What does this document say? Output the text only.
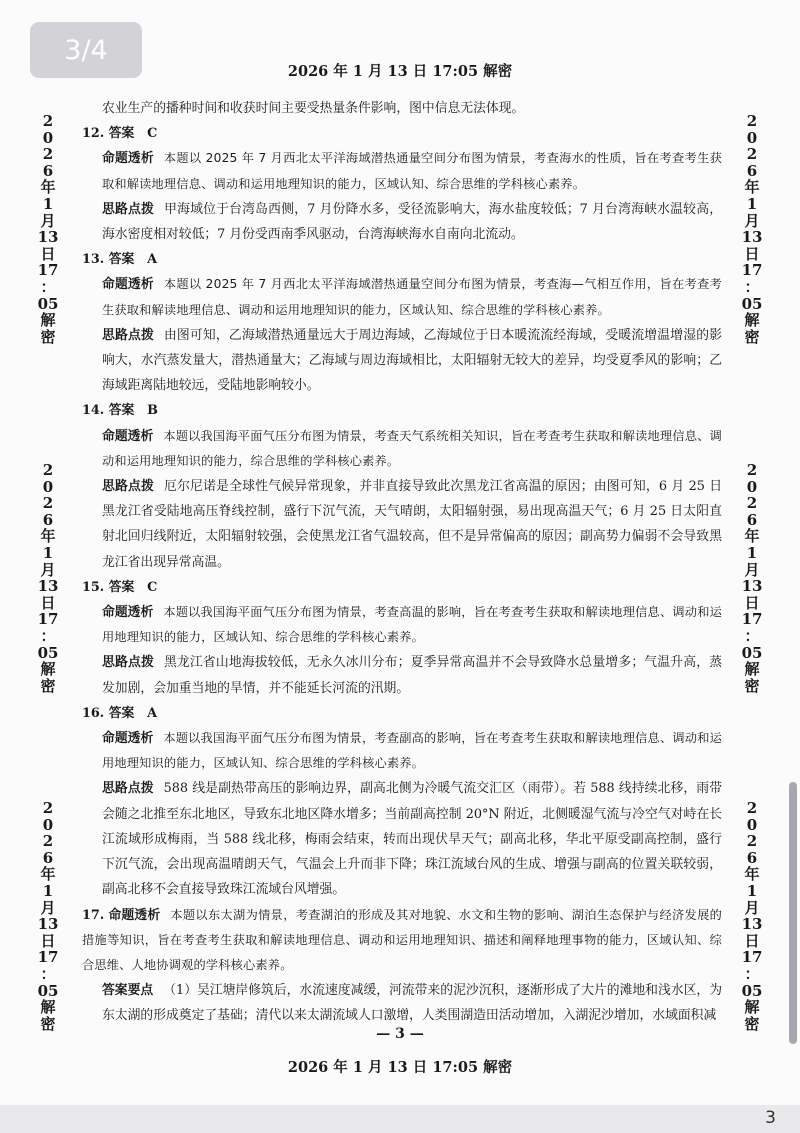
3/4
2026 年 1 月 13 日 17:05 解密
2
0
2
6
年
1
月
13
日
17
：
05
解
密
2
0
2
6
年
1
月
13
日
17
：
05
解
密
2
0
2
6
年
1
月
13
日
17
：
05
解
密
2
0
2
6
年
1
月
13
日
17
：
05
解
密
2
0
2
6
年
1
月
13
日
17
：
05
解
密
2
0
2
6
年
1
月
13
日
17
：
05
解
密

农业生产的播种时间和收获时间主要受热量条件影响，图中信息无法体现。

12. 答案　C

命题透析 本题以 2025 年 7 月西北太平洋海域潜热通量空间分布图为情景，考查海水的性质，旨在考查考生获取和解读地理信息、调动和运用地理知识的能力，区域认知、综合思维的学科核心素养。

思路点拨 甲海域位于台湾岛西侧，7 月份降水多，受径流影响大，海水盐度较低；7 月台湾海峡水温较高，海水密度相对较低；7 月份受西南季风驱动，台湾海峡海水自南向北流动。

13. 答案　A

命题透析 本题以 2025 年 7 月西北太平洋海域潜热通量空间分布图为情景，考查海—气相互作用，旨在考查考生获取和解读地理信息、调动和运用地理知识的能力，区域认知、综合思维的学科核心素养。

思路点拨 由图可知，乙海域潜热通量远大于周边海域，乙海域位于日本暖流流经海域，受暖流增温增湿的影响大，水汽蒸发量大，潜热通量大；乙海域与周边海域相比，太阳辐射无较大的差异，均受夏季风的影响；乙海域距离陆地较远，受陆地影响较小。

14. 答案　B

命题透析 本题以我国海平面气压分布图为情景，考查天气系统相关知识，旨在考查考生获取和解读地理信息、调动和运用地理知识的能力，综合思维的学科核心素养。

思路点拨 厄尔尼诺是全球性气候异常现象，并非直接导致此次黑龙江省高温的原因；由图可知，6 月 25 日黑龙江省受陆地高压脊线控制，盛行下沉气流，天气晴朗，太阳辐射强，易出现高温天气；6 月 25 日太阳直射北回归线附近，太阳辐射较强，会使黑龙江省气温较高，但不是异常偏高的原因；副高势力偏弱不会导致黑龙江省出现异常高温。

15. 答案　C

命题透析 本题以我国海平面气压分布图为情景，考查高温的影响，旨在考查考生获取和解读地理信息、调动和运用地理知识的能力，区域认知、综合思维的学科核心素养。

思路点拨 黑龙江省山地海拔较低，无永久冰川分布；夏季异常高温并不会导致降水总量增多；气温升高，蒸发加剧，会加重当地的旱情，并不能延长河流的汛期。

16. 答案　A

命题透析 本题以我国海平面气压分布图为情景，考查副高的影响，旨在考查考生获取和解读地理信息、调动和运用地理知识的能力，区域认知、综合思维的学科核心素养。

思路点拨 588 线是副热带高压的影响边界，副高北侧为冷暖气流交汇区（雨带）。若 588 线持续北移，雨带会随之北推至东北地区，导致东北地区降水增多；当前副高控制 20°N 附近，北侧暖湿气流与冷空气对峙在长江流域形成梅雨，当 588 线北移，梅雨会结束，转而出现伏旱天气；副高北移，华北平原受副高控制，盛行下沉气流，会出现高温晴朗天气，气温会上升而非下降；珠江流域台风的生成、增强与副高的位置关联较弱，副高北移不会直接导致珠江流域台风增强。

17. 命题透析 本题以东太湖为情景，考查湖泊的形成及其对地貌、水文和生物的影响、湖泊生态保护与经济发展的措施等知识，旨在考查考生获取和解读地理信息、调动和运用地理知识、描述和阐释地理事物的能力，区域认知、综合思维、人地协调观的学科核心素养。

答案要点 （1）吴江塘岸修筑后，水流速度减缓，河流带来的泥沙沉积，逐渐形成了大片的滩地和浅水区，为东太湖的形成奠定了基础；清代以来太湖流域人口激增，人类围湖造田活动增加，入湖泥沙增加，水域面积减

— 3 —
2026 年 1 月 13 日 17:05 解密
3
